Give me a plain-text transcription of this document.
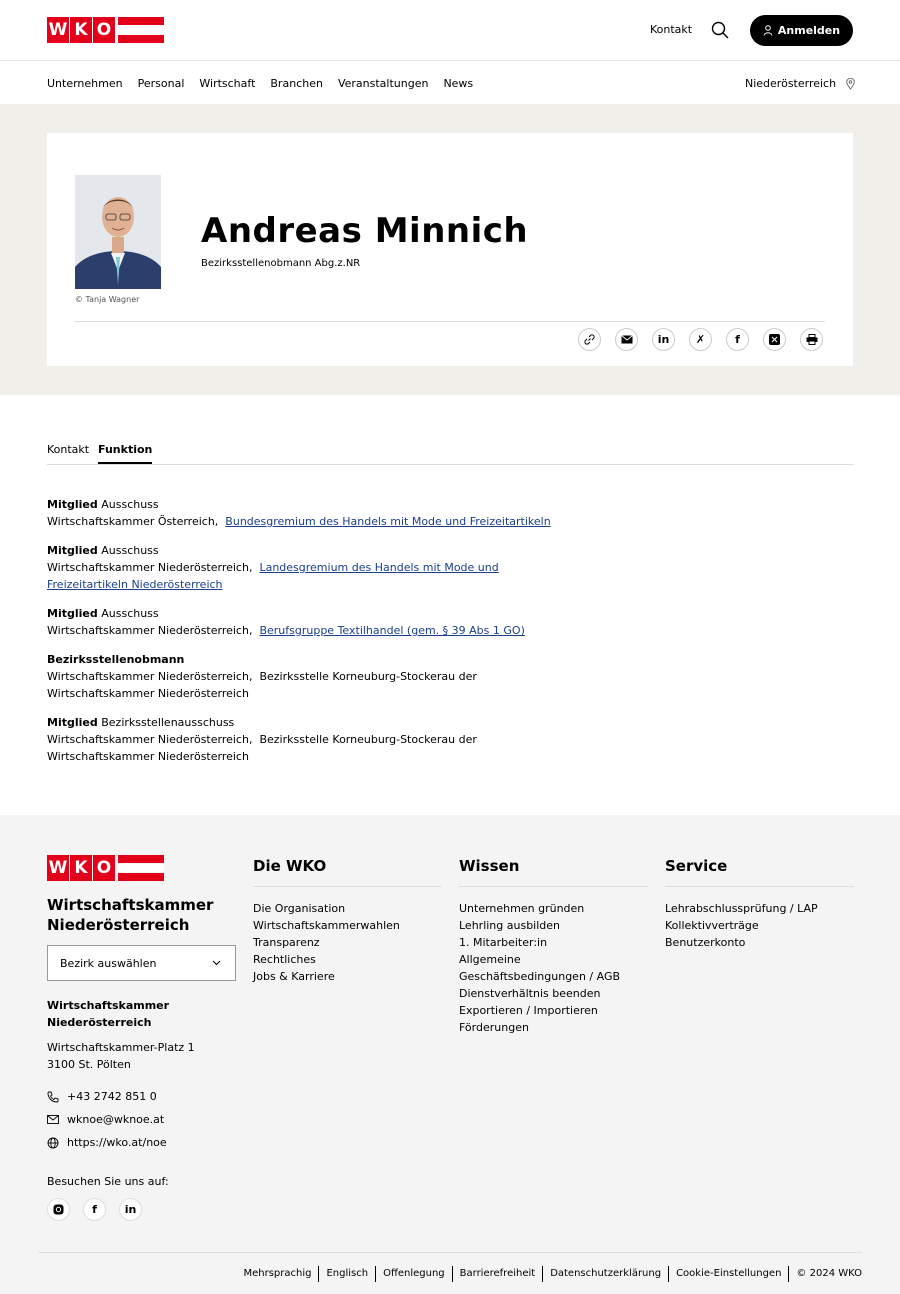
W K O	Kontakt	Anmelden
Unternehmen Personal Wirtschaft Branchen Veranstaltungen News	Niederösterreich
© Tanja Wagner
Andreas Minnich
Bezirksstellenobmann Abg.z.NR
in	✗	f
Kontakt Funktion
Mitglied Ausschuss
Wirtschaftskammer Österreich, Bundesgremium des Handels mit Mode und Freizeitartikeln
Mitglied Ausschuss
Wirtschaftskammer Niederösterreich, Landesgremium des Handels mit Mode und Freizeitartikeln Niederösterreich
Mitglied Ausschuss
Wirtschaftskammer Niederösterreich, Berufsgruppe Textilhandel (gem. § 39 Abs 1 GO)
Bezirksstellenobmann
Wirtschaftskammer Niederösterreich, Bezirksstelle Korneuburg-Stockerau der Wirtschaftskammer Niederösterreich
Mitglied Bezirksstellenausschuss
Wirtschaftskammer Niederösterreich, Bezirksstelle Korneuburg-Stockerau der Wirtschaftskammer Niederösterreich
W K O
Wirtschaftskammer
Niederösterreich
Bezirk auswählen
Wirtschaftskammer
Niederösterreich
Wirtschaftskammer-Platz 1
3100 St. Pölten
+43 2742 851 0
wknoe@wknoe.at
https://wko.at/noe
Besuchen Sie uns auf:
f	in
Die WKO
Die Organisation
Wirtschaftskammerwahlen
Transparenz
Rechtliches
Jobs & Karriere
Wissen
Unternehmen gründen
Lehrling ausbilden
1. Mitarbeiter:in
Allgemeine Geschäftsbedingungen / AGB
Dienstverhältnis beenden
Exportieren / Importieren
Förderungen
Service
Lehrabschlussprüfung / LAP
Kollektivverträge
Benutzerkonto
Mehrsprachig	Englisch	Offenlegung	Barrierefreiheit	Datenschutzerklärung	Cookie-Einstellungen	© 2024 WKO
